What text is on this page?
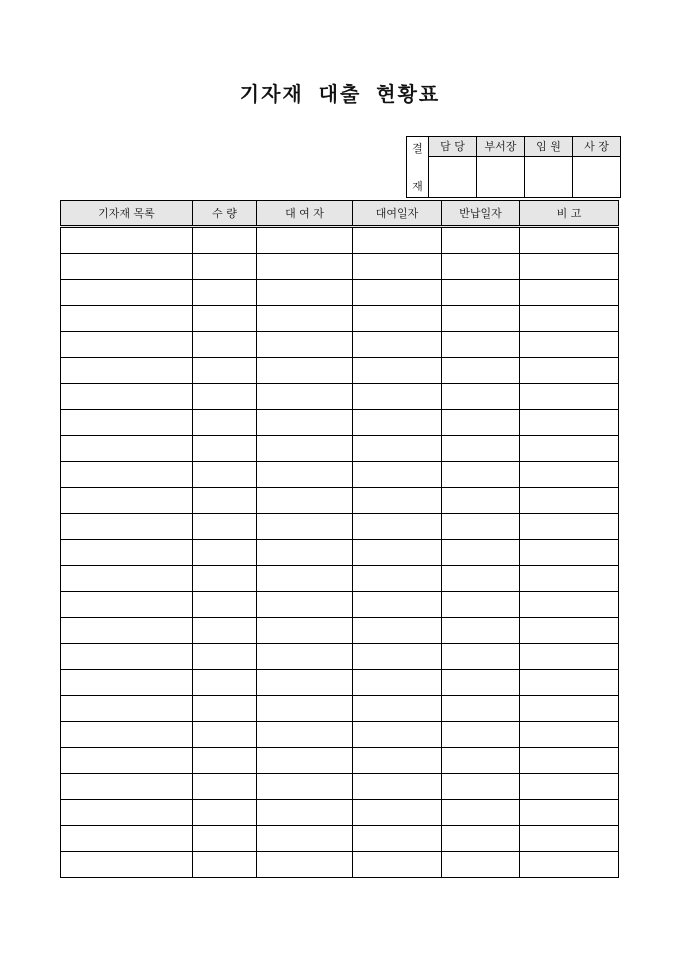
기자재 대출 현황표
결	담 당	부서장	임 원	사 장
재				
기자재 목록	수 량	대 여 자	대여일자	반납일자	비 고
